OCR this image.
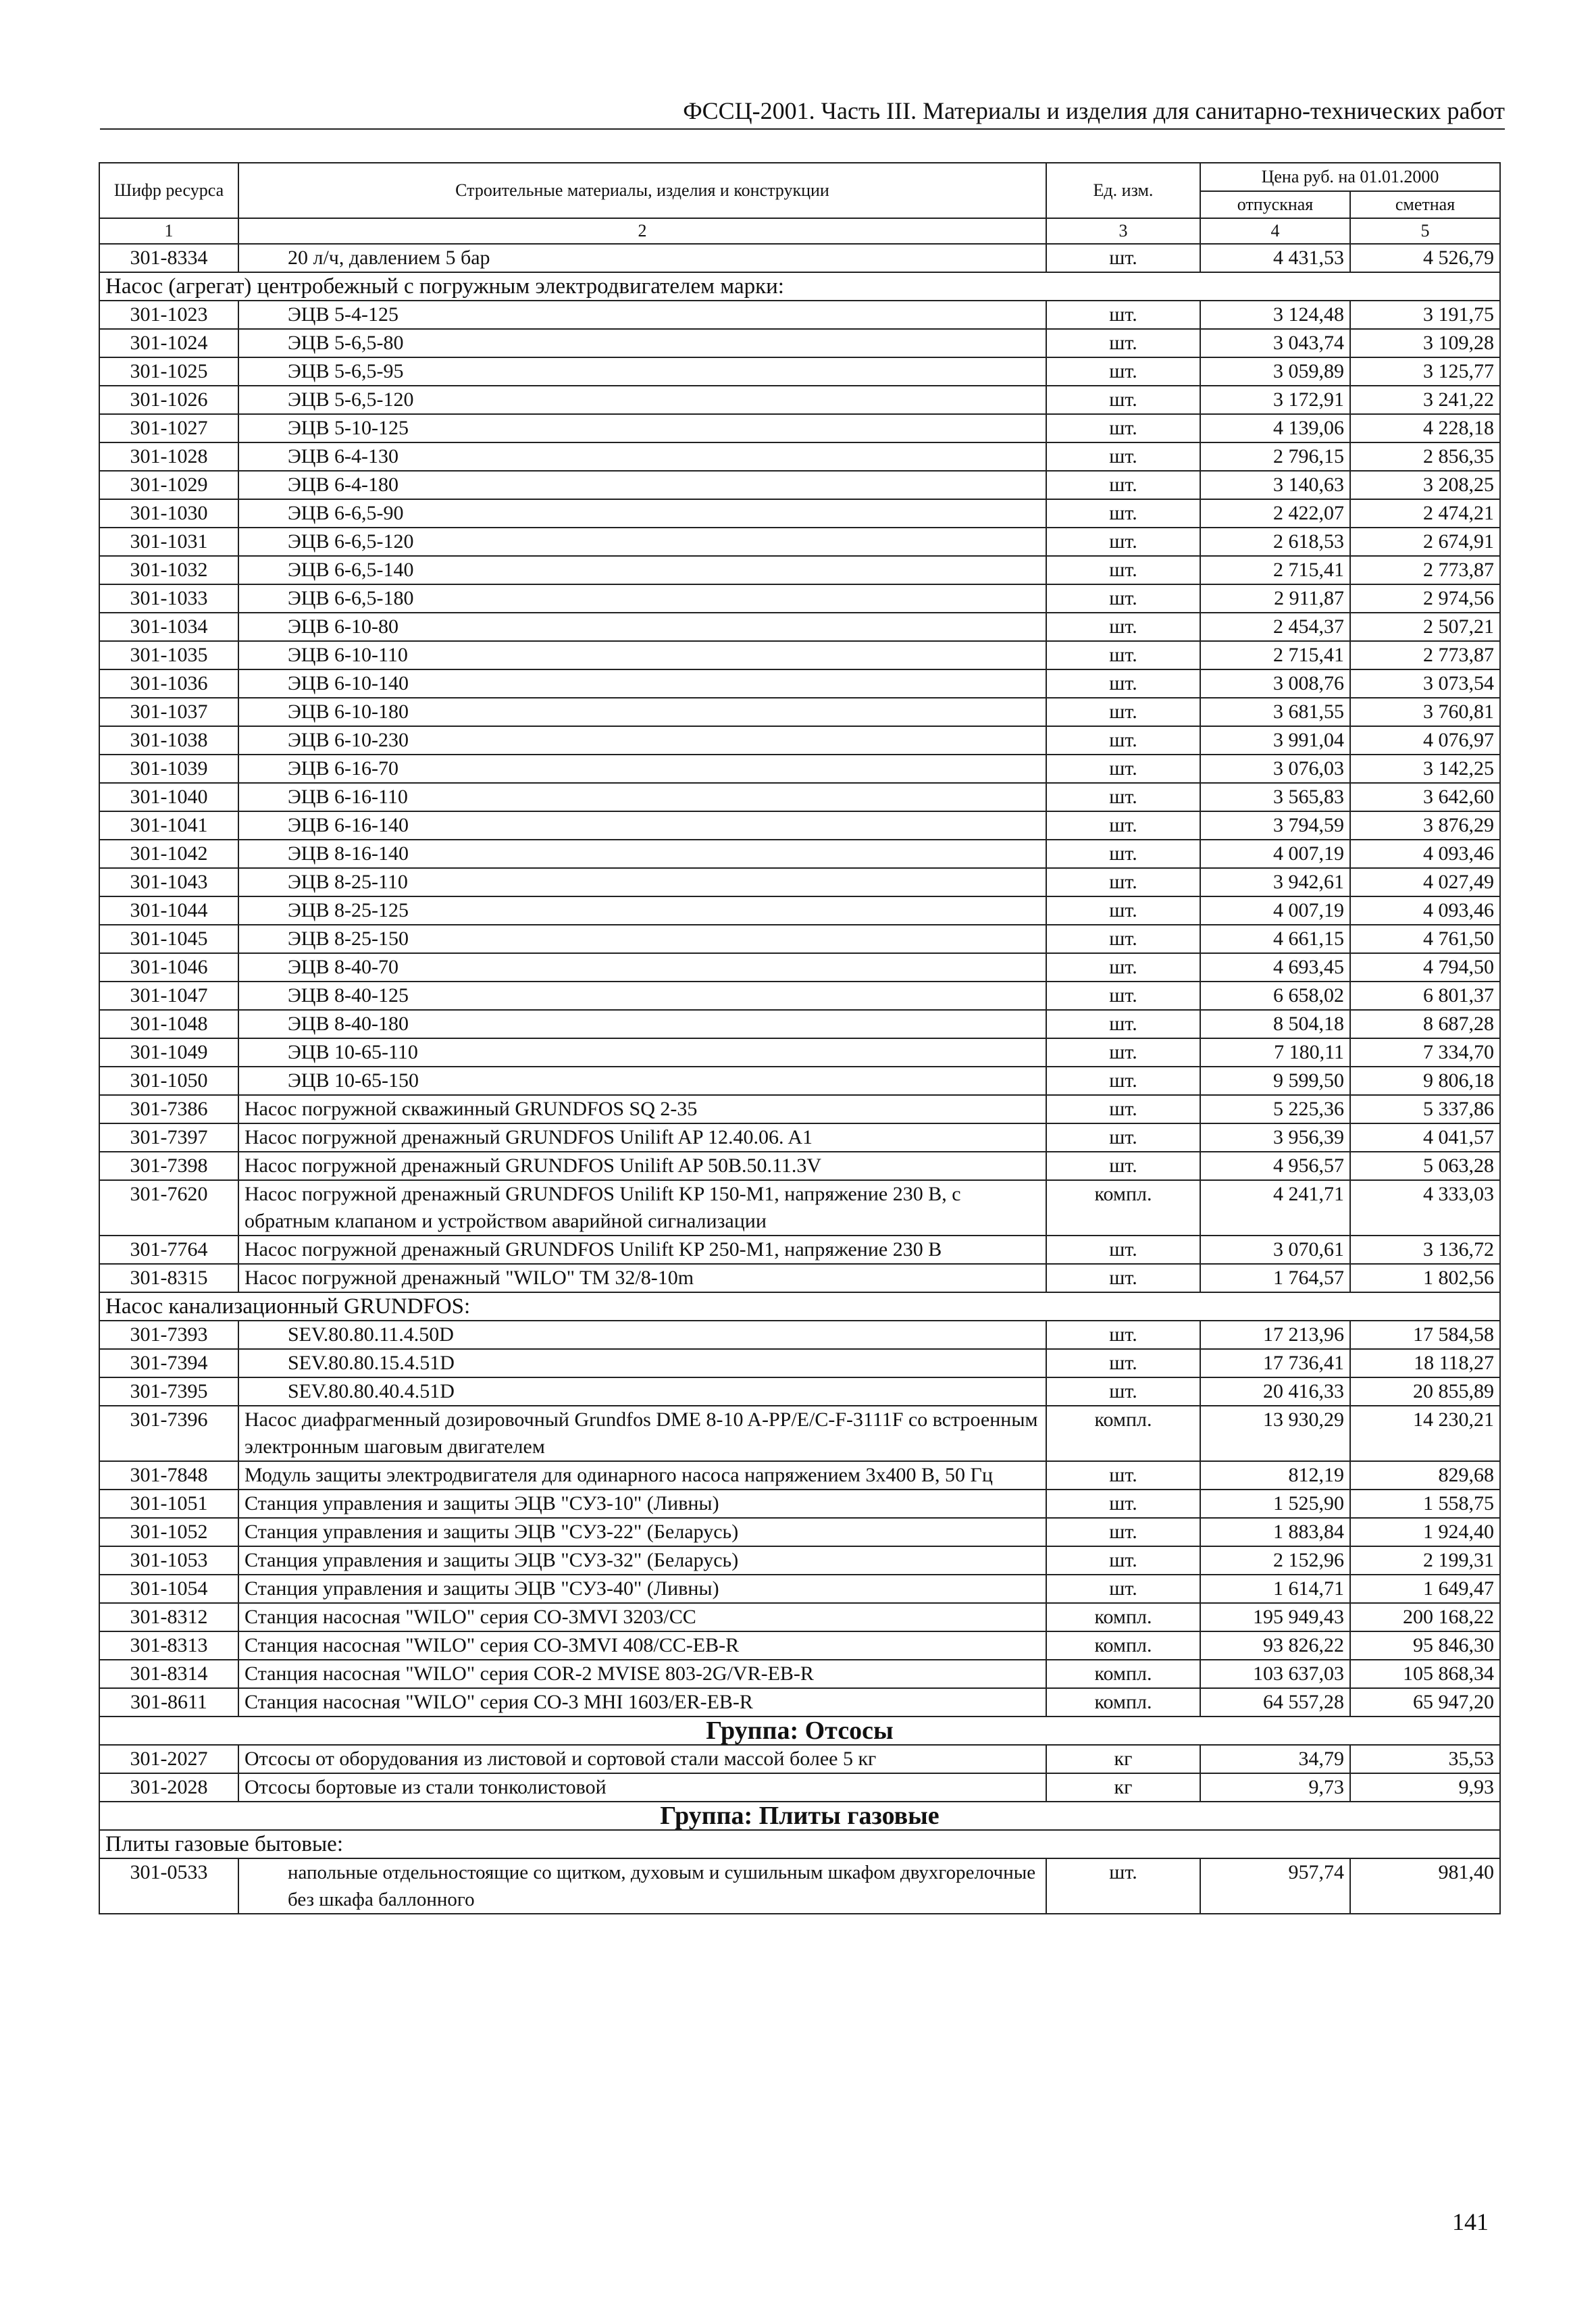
ФССЦ-2001. Часть III. Материалы и изделия для санитарно-технических работ
Шифр ресурса	Строительные материалы, изделия и конструкции	Ед. изм.	Цена руб. на 01.01.2000	
			отпускная	сметная
1	2	3	4	5
301-8334	20 л/ч, давлением 5 бар	шт.	4 431,53	4 526,79
Насос (агрегат) центробежный с погружным электродвигателем марки:				
301-1023	ЭЦВ 5-4-125	шт.	3 124,48	3 191,75
301-1024	ЭЦВ 5-6,5-80	шт.	3 043,74	3 109,28
301-1025	ЭЦВ 5-6,5-95	шт.	3 059,89	3 125,77
301-1026	ЭЦВ 5-6,5-120	шт.	3 172,91	3 241,22
301-1027	ЭЦВ 5-10-125	шт.	4 139,06	4 228,18
301-1028	ЭЦВ 6-4-130	шт.	2 796,15	2 856,35
301-1029	ЭЦВ 6-4-180	шт.	3 140,63	3 208,25
301-1030	ЭЦВ 6-6,5-90	шт.	2 422,07	2 474,21
301-1031	ЭЦВ 6-6,5-120	шт.	2 618,53	2 674,91
301-1032	ЭЦВ 6-6,5-140	шт.	2 715,41	2 773,87
301-1033	ЭЦВ 6-6,5-180	шт.	2 911,87	2 974,56
301-1034	ЭЦВ 6-10-80	шт.	2 454,37	2 507,21
301-1035	ЭЦВ 6-10-110	шт.	2 715,41	2 773,87
301-1036	ЭЦВ 6-10-140	шт.	3 008,76	3 073,54
301-1037	ЭЦВ 6-10-180	шт.	3 681,55	3 760,81
301-1038	ЭЦВ 6-10-230	шт.	3 991,04	4 076,97
301-1039	ЭЦВ 6-16-70	шт.	3 076,03	3 142,25
301-1040	ЭЦВ 6-16-110	шт.	3 565,83	3 642,60
301-1041	ЭЦВ 6-16-140	шт.	3 794,59	3 876,29
301-1042	ЭЦВ 8-16-140	шт.	4 007,19	4 093,46
301-1043	ЭЦВ 8-25-110	шт.	3 942,61	4 027,49
301-1044	ЭЦВ 8-25-125	шт.	4 007,19	4 093,46
301-1045	ЭЦВ 8-25-150	шт.	4 661,15	4 761,50
301-1046	ЭЦВ 8-40-70	шт.	4 693,45	4 794,50
301-1047	ЭЦВ 8-40-125	шт.	6 658,02	6 801,37
301-1048	ЭЦВ 8-40-180	шт.	8 504,18	8 687,28
301-1049	ЭЦВ 10-65-110	шт.	7 180,11	7 334,70
301-1050	ЭЦВ 10-65-150	шт.	9 599,50	9 806,18
301-7386	Насос погружной скважинный GRUNDFOS SQ 2-35	шт.	5 225,36	5 337,86
301-7397	Насос погружной дренажный GRUNDFOS Unilift AP 12.40.06. A1	шт.	3 956,39	4 041,57
301-7398	Насос погружной дренажный GRUNDFOS Unilift AP 50B.50.11.3V	шт.	4 956,57	5 063,28
301-7620	Насос погружной дренажный GRUNDFOS Unilift KP 150-M1, напряжение 230 В, с обратным клапаном и устройством аварийной сигнализации	компл.	4 241,71	4 333,03
301-7764	Насос погружной дренажный GRUNDFOS Unilift KP 250-M1, напряжение 230 В	шт.	3 070,61	3 136,72
301-8315	Насос погружной дренажный "WILO" TM 32/8-10m	шт.	1 764,57	1 802,56
Насос канализационный GRUNDFOS:				
301-7393	SEV.80.80.11.4.50D	шт.	17 213,96	17 584,58
301-7394	SEV.80.80.15.4.51D	шт.	17 736,41	18 118,27
301-7395	SEV.80.80.40.4.51D	шт.	20 416,33	20 855,89
301-7396	Насос диафрагменный дозировочный Grundfos DME 8-10 A-PP/E/C-F-3111F со встроенным электронным шаговым двигателем	компл.	13 930,29	14 230,21
301-7848	Модуль защиты электродвигателя для одинарного насоса напряжением 3х400 В, 50 Гц	шт.	812,19	829,68
301-1051	Станция управления и защиты ЭЦВ "СУЗ-10" (Ливны)	шт.	1 525,90	1 558,75
301-1052	Станция управления и защиты ЭЦВ "СУЗ-22" (Беларусь)	шт.	1 883,84	1 924,40
301-1053	Станция управления и защиты ЭЦВ "СУЗ-32" (Беларусь)	шт.	2 152,96	2 199,31
301-1054	Станция управления и защиты ЭЦВ "СУЗ-40" (Ливны)	шт.	1 614,71	1 649,47
301-8312	Станция насосная "WILO" серия CO-3MVI 3203/CC	компл.	195 949,43	200 168,22
301-8313	Станция насосная "WILO" серия CO-3MVI 408/CC-EB-R	компл.	93 826,22	95 846,30
301-8314	Станция насосная "WILO" серия COR-2 MVISE 803-2G/VR-EB-R	компл.	103 637,03	105 868,34
301-8611	Станция насосная "WILO" серия CO-3 MHI 1603/ER-EB-R	компл.	64 557,28	65 947,20
Группа: Отсосы				
301-2027	Отсосы от оборудования из листовой и сортовой стали массой более 5 кг	кг	34,79	35,53
301-2028	Отсосы бортовые из стали тонколистовой	кг	9,73	9,93
Группа: Плиты газовые				
Плиты газовые бытовые:				
301-0533	напольные отдельностоящие со щитком, духовым и сушильным шкафом двухгорелочные без шкафа баллонного	шт.	957,74	981,40
141
